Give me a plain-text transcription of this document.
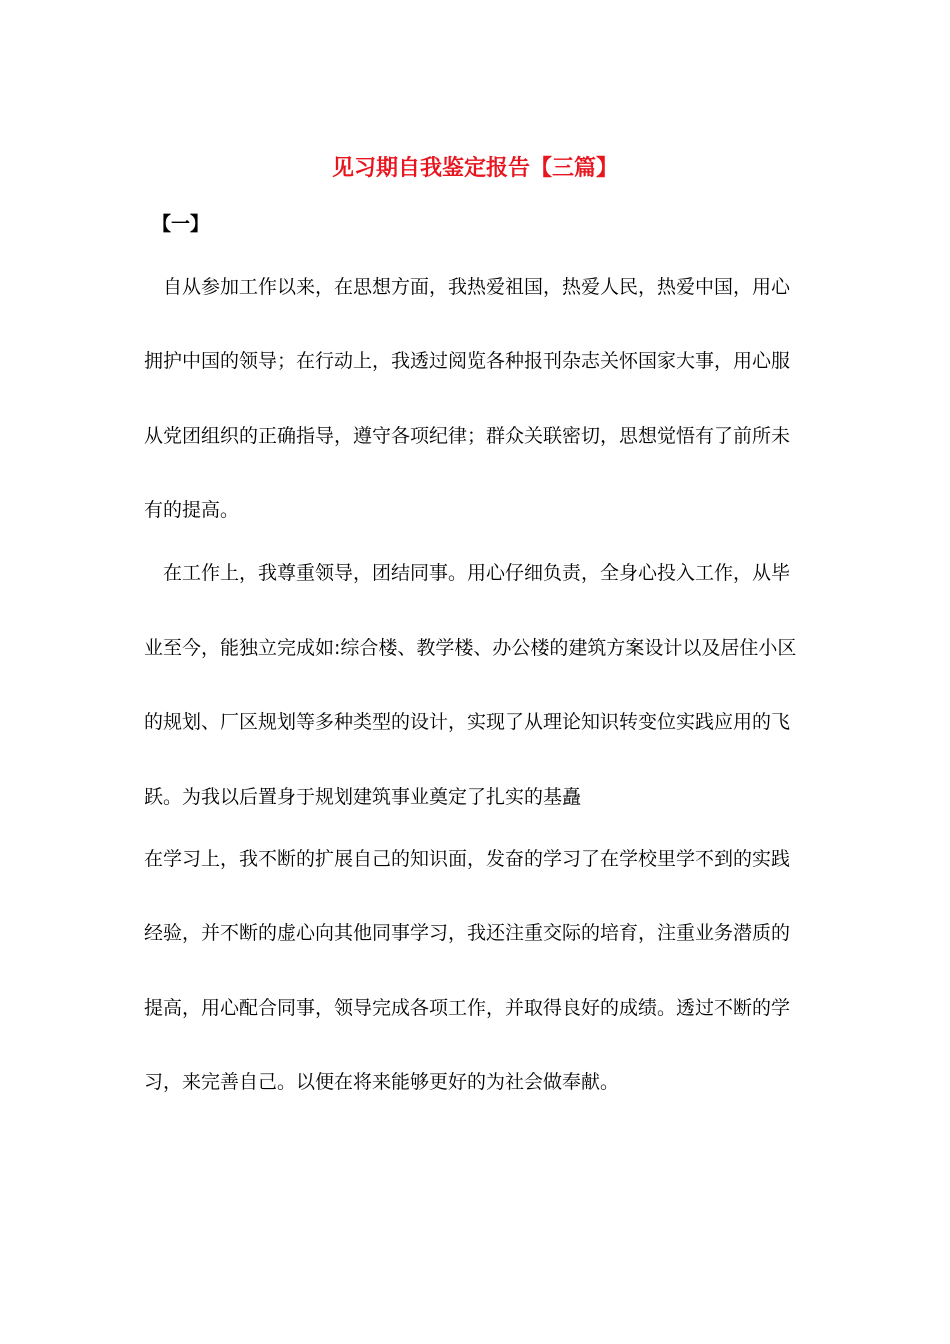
见习期自我鉴定报告【三篇】
【一】
自从参加工作以来，在思想方面，我热爱祖国，热爱人民，热爱中国，用心
拥护中国的领导；在行动上，我透过阅览各种报刊杂志关怀国家大事，用心服
从党团组织的正确指导，遵守各项纪律；群众关联密切，思想觉悟有了前所未
有的提高。
在工作上，我尊重领导，团结同事。用心仔细负责，全身心投入工作，从毕
业至今，能独立完成如:综合楼、教学楼、办公楼的建筑方案设计以及居住小区
的规划、厂区规划等多种类型的设计，实现了从理论知识转变位实践应用的飞
跃。为我以后置身于规划建筑事业奠定了扎实的基矗
在学习上，我不断的扩展自己的知识面，发奋的学习了在学校里学不到的实践
经验，并不断的虚心向其他同事学习，我还注重交际的培育，注重业务潜质的
提高，用心配合同事，领导完成各项工作，并取得良好的成绩。透过不断的学
习，来完善自己。以便在将来能够更好的为社会做奉献。
